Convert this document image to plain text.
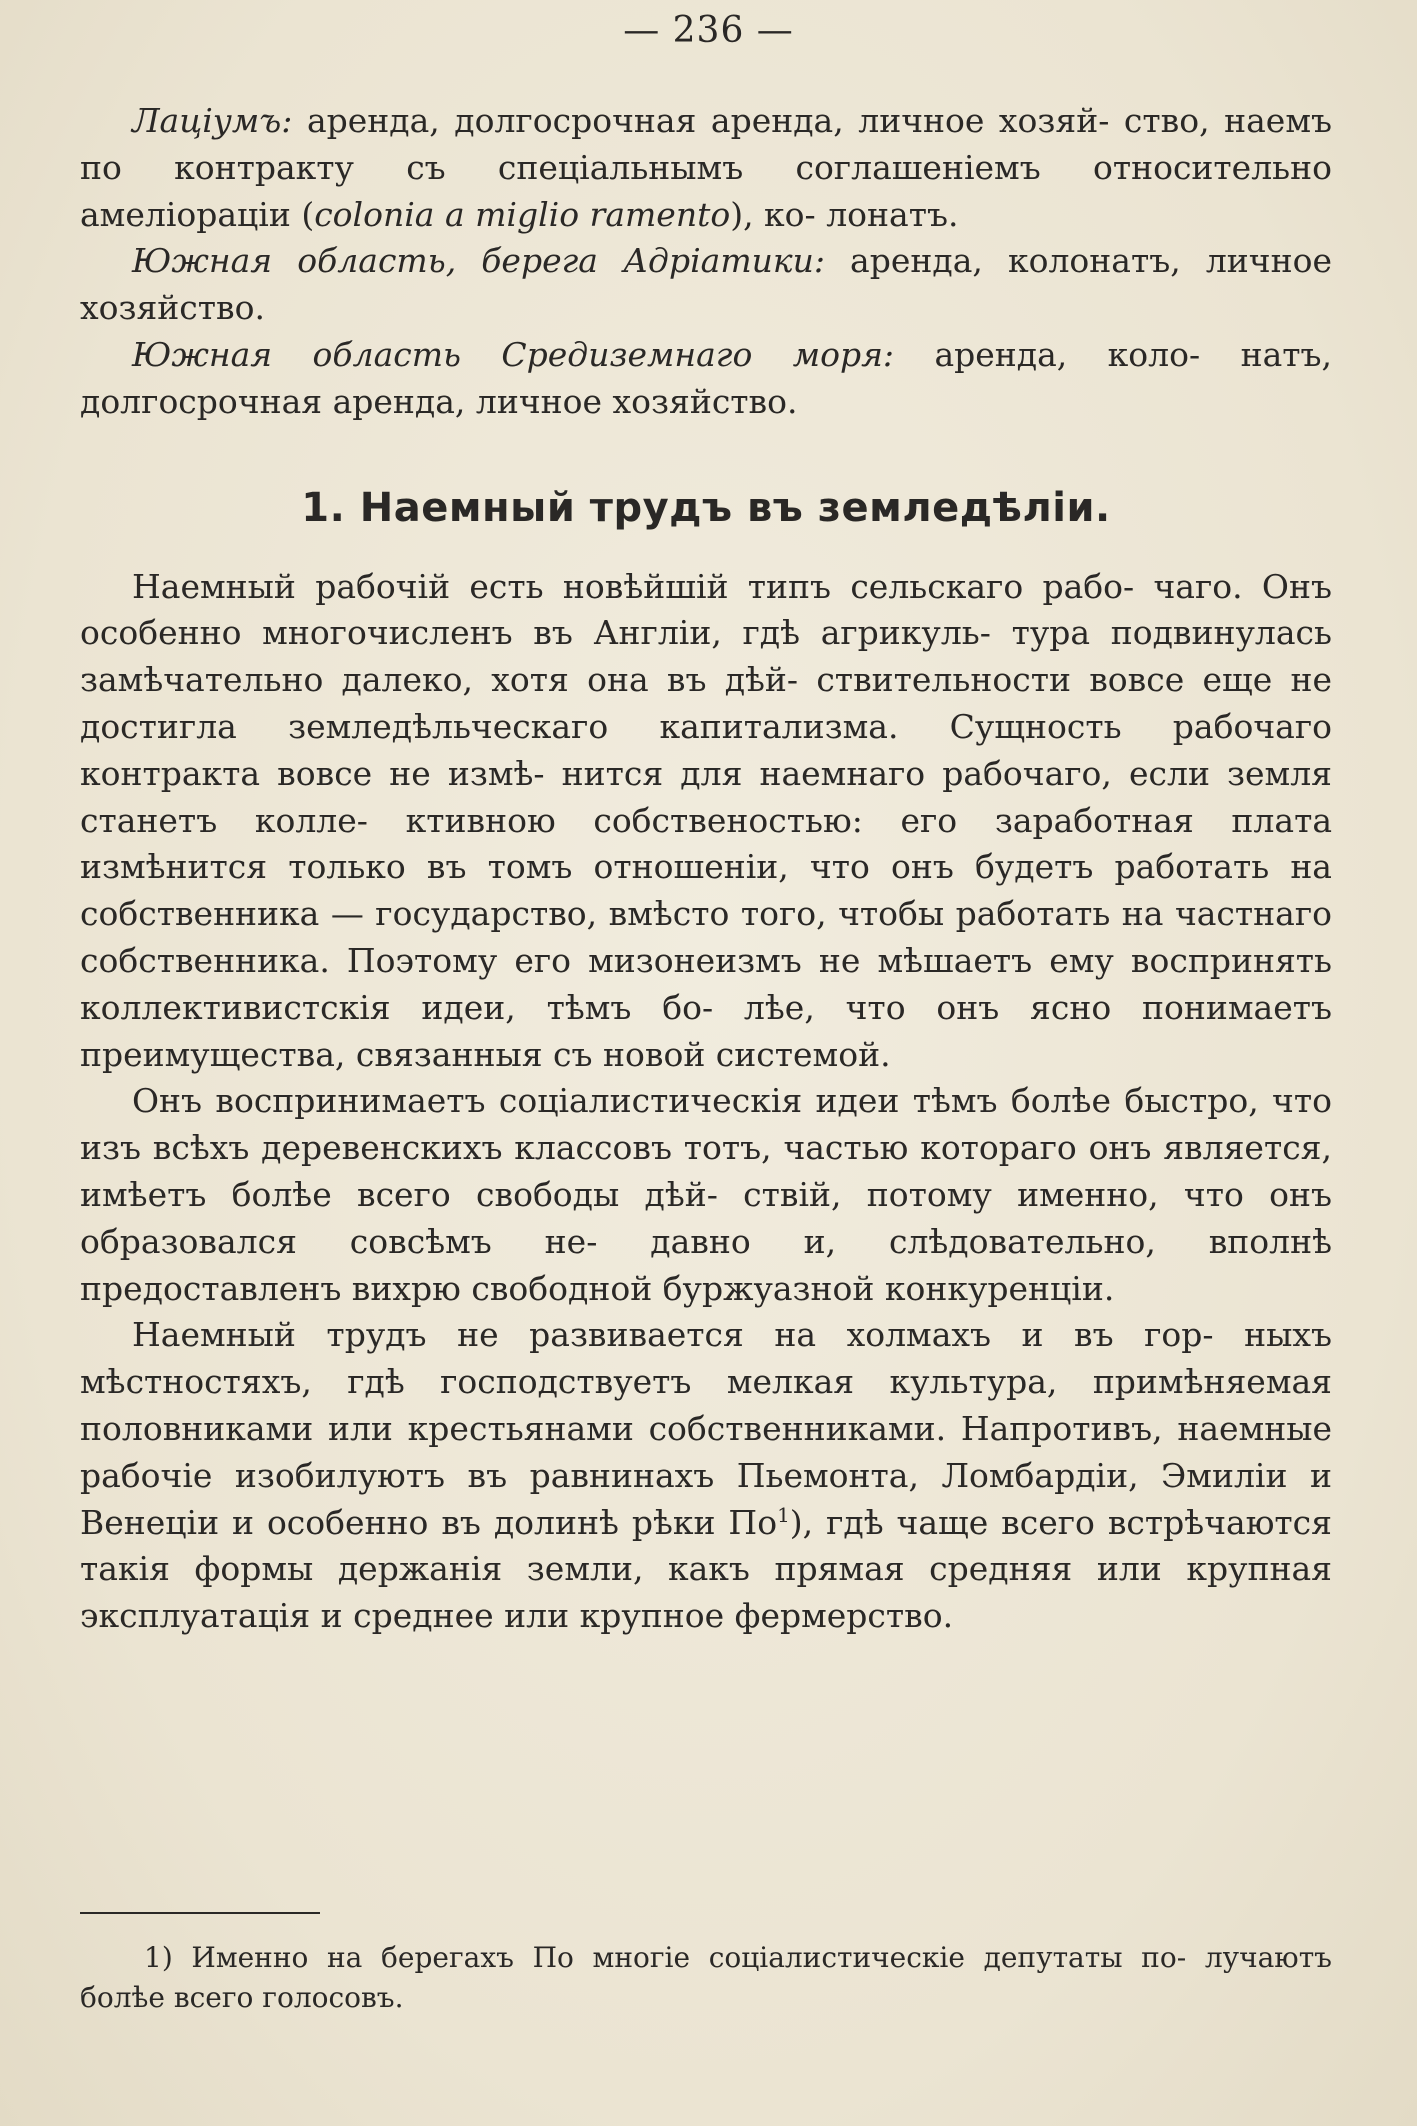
— 236 —

Лацiумъ: аренда, долгосрочная аренда, личное хозяй- ство, наемъ по контракту съ спецiальнымъ соглашенiемъ относительно амелiорацiи (colonia a miglio ramento), ко- лонатъ.

Южная область, берега Адрiатики: аренда, колонатъ, личное хозяйство.

Южная область Средиземнаго моря: аренда, коло- натъ, долгосрочная аренда, личное хозяйство.

1. Наемный трудъ въ земледѣлiи.

Наемный рабочiй есть новѣйшiй типъ сельскаго рабо- чаго. Онъ особенно многочисленъ въ Англiи, гдѣ агрикуль- тура подвинулась замѣчательно далеко, хотя она въ дѣй- ствительности вовсе еще не достигла земледѣльческаго капитализма. Сущность рабочаго контракта вовсе не измѣ- нится для наемнаго рабочаго, если земля станетъ колле- ктивною собственостью: его заработная плата измѣнится только въ томъ отношенiи, что онъ будетъ работать на собственника — государство, вмѣсто того, чтобы работать на частнаго собственника. Поэтому его мизонеизмъ не мѣшаетъ ему воспринять коллективистскiя идеи, тѣмъ бо- лѣе, что онъ ясно понимаетъ преимущества, связанныя съ новой системой.

Онъ воспринимаетъ соцiалистическiя идеи тѣмъ болѣе быстро, что изъ всѣхъ деревенскихъ классовъ тотъ, частью котораго онъ является, имѣетъ болѣе всего свободы дѣй- ствiй, потому именно, что онъ образовался совсѣмъ не- давно и, слѣдовательно, вполнѣ предоставленъ вихрю свободной буржуазной конкуренцiи.

Наемный трудъ не развивается на холмахъ и въ гор- ныхъ мѣстностяхъ, гдѣ господствуетъ мелкая культура, примѣняемая половниками или крестьянами собственниками. Напротивъ, наемные рабочiе изобилуютъ въ равнинахъ Пьемонта, Ломбардiи, Эмилiи и Венецiи и особенно въ долинѣ рѣки $По^1$), гдѣ чаще всего встрѣчаются такiя формы держанiя земли, какъ прямая средняя или крупная эксплуатацiя и среднее или крупное фермерство.

1) Именно на берегахъ По многiе соцiалистическiе депутаты по- лучаютъ болѣе всего голосовъ.
